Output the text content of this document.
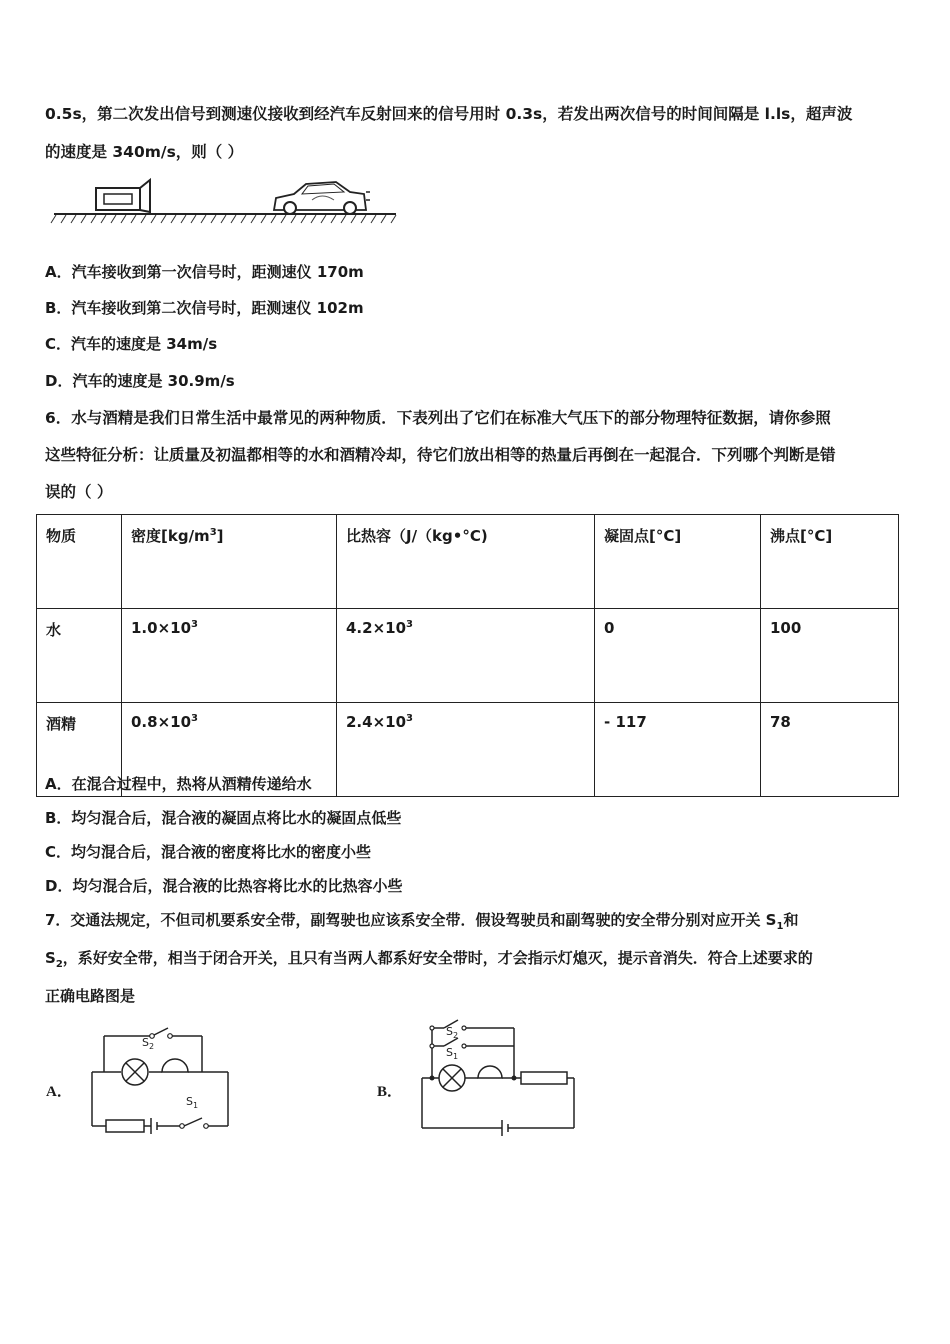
0.5s，第二次发出信号到测速仪接收到经汽车反射回来的信号用时 0.3s，若发出两次信号的时间间隔是 l.ls，超声波
的速度是 340m/s，则（ ）
A．汽车接收到第一次信号时，距测速仪 170m
B．汽车接收到第二次信号时，距测速仪 102m
C．汽车的速度是 34m/s
D．汽车的速度是 30.9m/s
6．水与酒精是我们日常生活中最常见的两种物质．下表列出了它们在标准大气压下的部分物理特征数据，请你参照
这些特征分析：让质量及初温都相等的水和酒精冷却，待它们放出相等的热量后再倒在一起混合．下列哪个判断是错
误的（ ）
物质	密度$[kg/m^3]$	比热容（J/（kg•°C)	凝固点[°C]	沸点[°C]
水	$1.0\times 10^3$	$4.2\times 10^3$	0	100
酒精	$0.8\times 10^3$	$2.4\times 10^3$	- 117	78
A．在混合过程中，热将从酒精传递给水
B．均匀混合后，混合液的凝固点将比水的凝固点低些
C．均匀混合后，混合液的密度将比水的密度小些
D．均匀混合后，混合液的比热容将比水的比热容小些
7．交通法规定，不但司机要系安全带，副驾驶也应该系安全带．假设驾驶员和副驾驶的安全带分别对应开关 $S_1$和
$S_2$，系好安全带，相当于闭合开关，且只有当两人都系好安全带时，才会指示灯熄灭，提示音消失．符合上述要求的
正确电路图是
A．	B．
$S_2$
$S_1$
$S_2$
$S_1$
